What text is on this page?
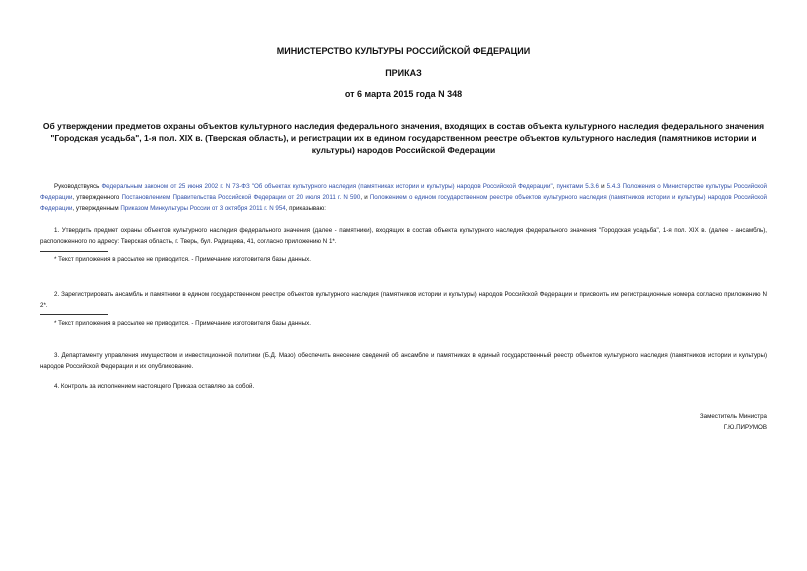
МИНИСТЕРСТВО КУЛЬТУРЫ РОССИЙСКОЙ ФЕДЕРАЦИИ
ПРИКАЗ
от 6 марта 2015 года N 348
Об утверждении предметов охраны объектов культурного наследия федерального значения, входящих в состав объекта культурного наследия федерального значения "Городская усадьба", 1-я пол. XIX в. (Тверская область), и регистрации их в едином государственном реестре объектов культурного наследия (памятников истории и культуры) народов Российской Федерации
Руководствуясь Федеральным законом от 25 июня 2002 г. N 73-ФЗ "Об объектах культурного наследия (памятниках истории и культуры) народов Российской Федерации", пунктами 5.3.6 и 5.4.3 Положения о Министерстве культуры Российской Федерации, утвержденного Постановлением Правительства Российской Федерации от 20 июля 2011 г. N 590, и Положением о едином государственном реестре объектов культурного наследия (памятников истории и культуры) народов Российской Федерации, утвержденным Приказом Минкультуры России от 3 октября 2011 г. N 954, приказываю:
1. Утвердить предмет охраны объектов культурного наследия федерального значения (далее - памятники), входящих в состав объекта культурного наследия федерального значения "Городская усадьба", 1-я пол. XIX в. (далее - ансамбль), расположенного по адресу: Тверская область, г. Тверь, бул. Радищева, 41, согласно приложению N 1*.
* Текст приложения в рассылке не приводится. - Примечание изготовителя базы данных.
2. Зарегистрировать ансамбль и памятники в едином государственном реестре объектов культурного наследия (памятников истории и культуры) народов Российской Федерации и присвоить им регистрационные номера согласно приложению N 2*.
* Текст приложения в рассылке не приводится. - Примечание изготовителя базы данных.
3. Департаменту управления имуществом и инвестиционной политики (Б.Д. Мазо) обеспечить внесение сведений об ансамбле и памятниках в единый государственный реестр объектов культурного наследия (памятников истории и культуры) народов Российской Федерации и их опубликование.
4. Контроль за исполнением настоящего Приказа оставляю за собой.
Заместитель Министра
Г.Ю.ПИРУМОВ
